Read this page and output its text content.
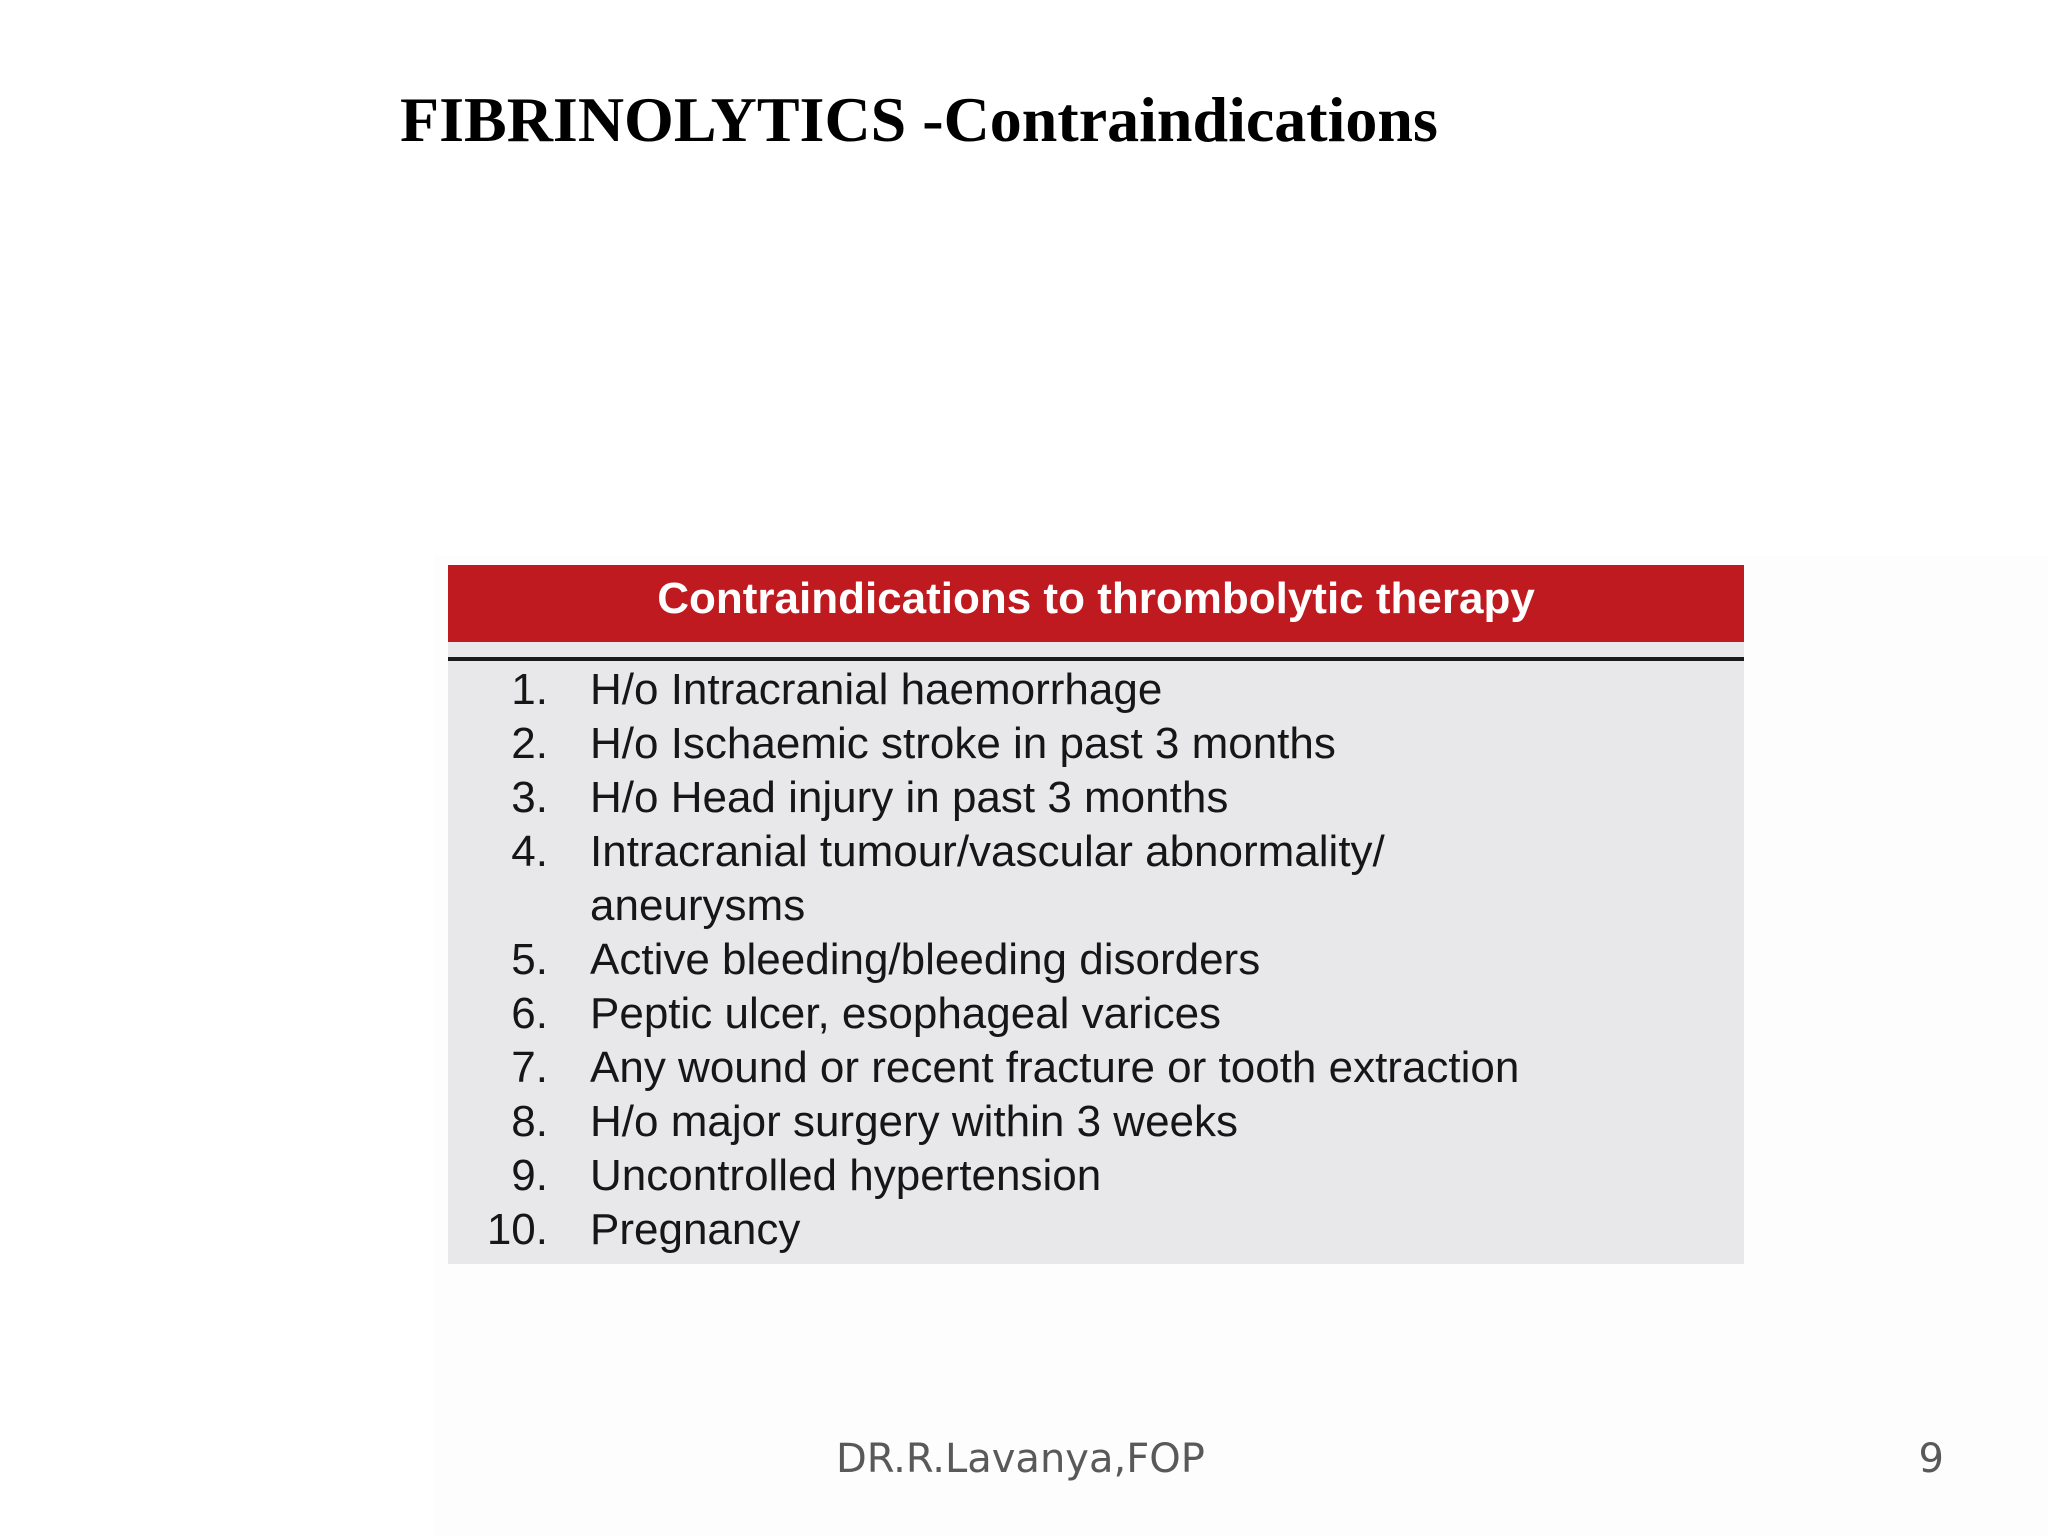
FIBRINOLYTICS -Contraindications
Contraindications to thrombolytic therapy
1. H/o Intracranial haemorrhage
2. H/o Ischaemic stroke in past 3 months
3. H/o Head injury in past 3 months
4. Intracranial tumour/vascular abnormality/
aneurysms
5. Active bleeding/bleeding disorders
6. Peptic ulcer, esophageal varices
7. Any wound or recent fracture or tooth extraction
8. H/o major surgery within 3 weeks
9. Uncontrolled hypertension
10. Pregnancy
DR.R.Lavanya,FOP	9
